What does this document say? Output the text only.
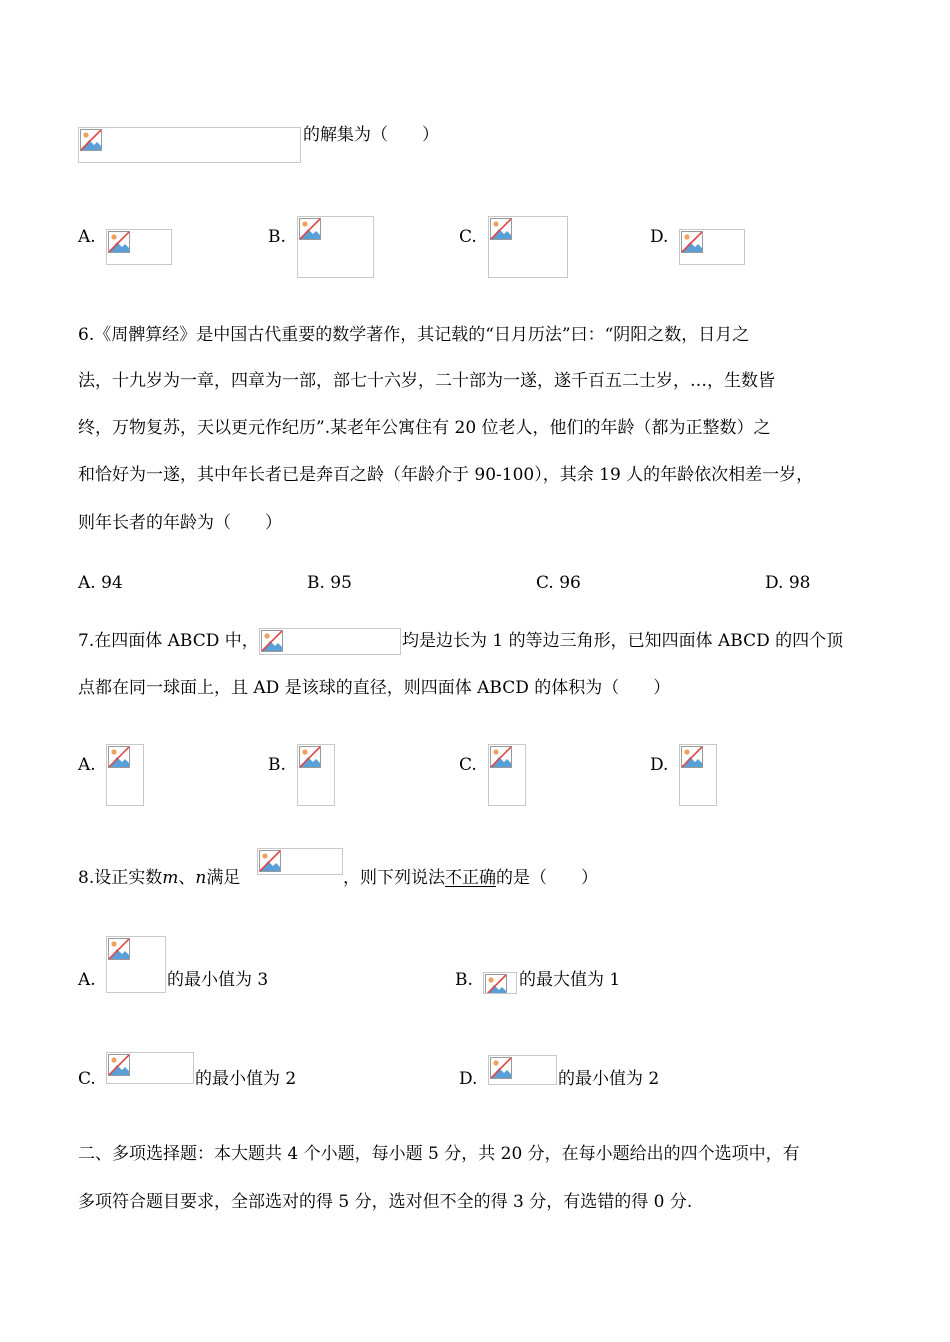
的解集为（　　）
A.	B.	C.	D.
6.《周髀算经》是中国古代重要的数学著作，其记载的“日月历法”曰：“阴阳之数，日月之
法，十九岁为一章，四章为一部，部七十六岁，二十部为一遂，遂千百五二士岁，…，生数皆
终，万物复苏，天以更元作纪历”.某老年公寓住有 20 位老人，他们的年龄（都为正整数）之
和恰好为一遂，其中年长者已是奔百之龄（年龄介于 90-100），其余 19 人的年龄依次相差一岁，
则年长者的年龄为（　　）
A. 94	B. 95	C. 96	D. 98
7.在四面体 ABCD 中，	均是边长为 1 的等边三角形，已知四面体 ABCD 的四个顶
点都在同一球面上，且 AD 是该球的直径，则四面体 ABCD 的体积为（　　）
A.	B.	C.	D.
8.设正实数m、n满足	，则下列说法不正确的是（　　）
A.	的最小值为 3	B.	的最大值为 1
C.	的最小值为 2	D.	的最小值为 2
二、多项选择题：本大题共 4 个小题，每小题 5 分，共 20 分，在每小题给出的四个选项中，有
多项符合题目要求，全部选对的得 5 分，选对但不全的得 3 分，有选错的得 0 分.
